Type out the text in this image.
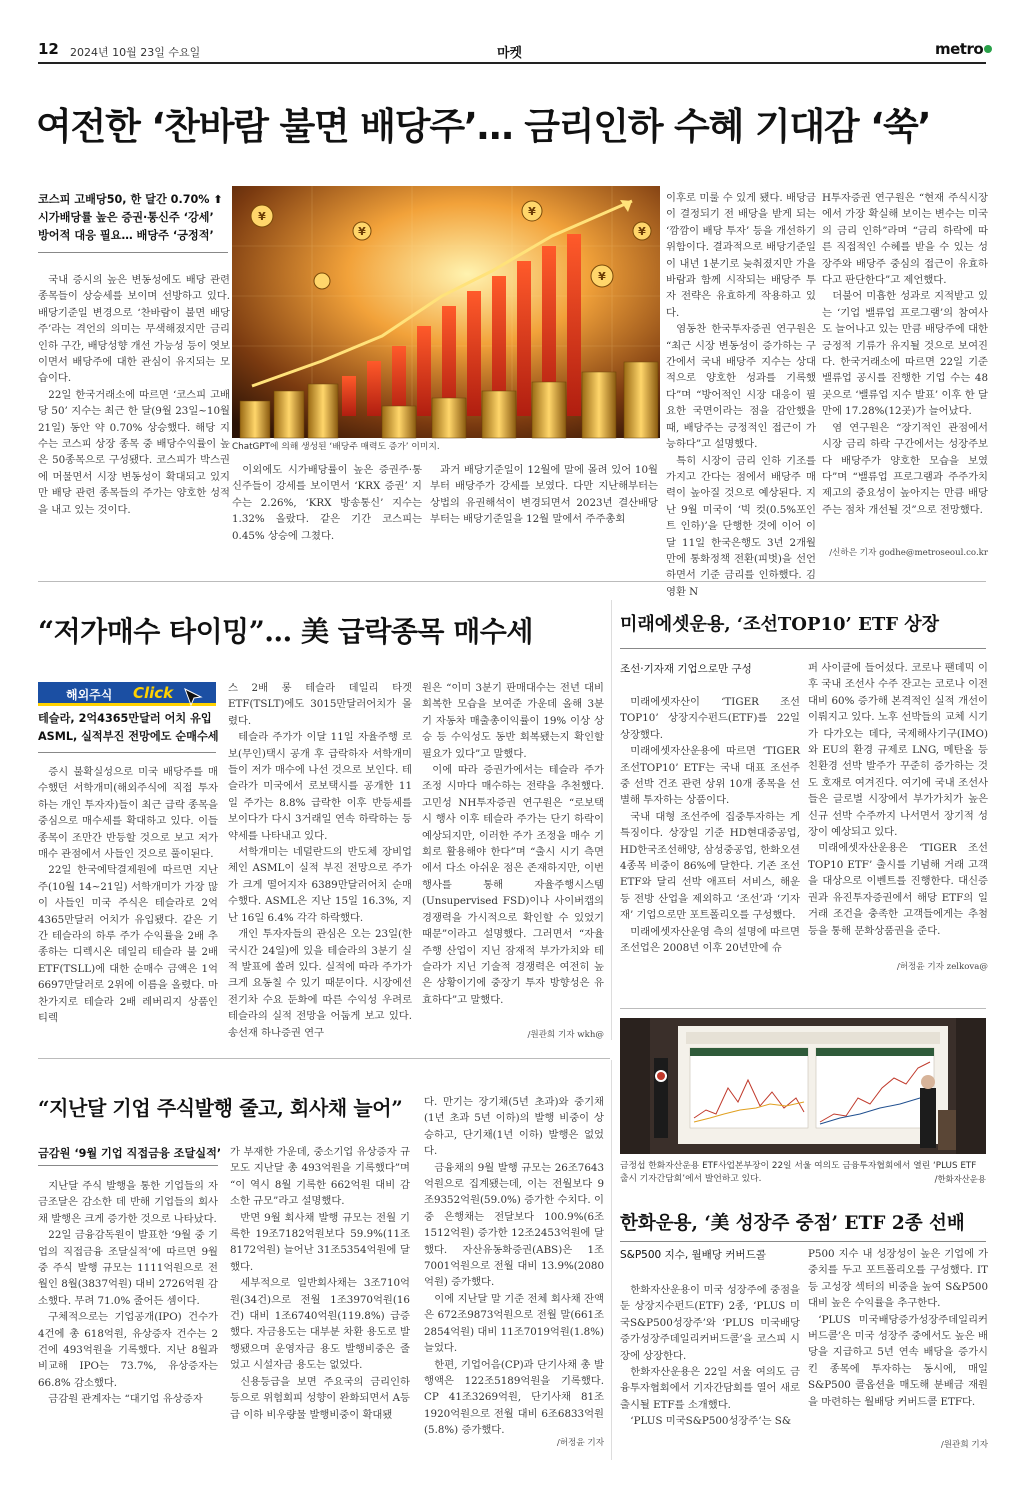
12 2024년 10월 23일 수요일	마켓	metro
여전한 ‘찬바람 불면 배당주’… 금리인하 수혜 기대감 ‘쑥’
코스피 고배당50, 한 달간 0.70% ⬆
시가배당률 높은 증권·통신주 ‘강세’
방어적 대응 필요… 배당주 ‘긍정적’

국내 증시의 높은 변동성에도 배당 관련 종목들이 상승세를 보이며 선방하고 있다. 배당기준일 변경으로 ‘찬바람이 불면 배당주’라는 격언의 의미는 무색해졌지만 금리 인하 구간, 배당성향 개선 가능성 등이 엿보이면서 배당주에 대한 관심이 유지되는 모습이다.

22일 한국거래소에 따르면 ‘코스피 고배당 50’ 지수는 최근 한 달(9월 23일~10월 21일) 동안 약 0.70% 상승했다. 해당 지수는 코스피 상장 종목 중 배당수익률이 높은 50종목으로 구성됐다. 코스피가 박스권에 머물면서 시장 변동성이 확대되고 있지만 배당 관련 종목들의 주가는 양호한 성적을 내고 있는 것이다.

¥
¥
¥
¥
¥
ChatGPT에 의해 생성된 ‘배당주 매력도 증가’ 이미지.

이외에도 시가배당률이 높은 증권주·통신주들이 강세를 보이면서 ‘KRX 증권’ 지수는 2.26%, ‘KRX 방송통신’ 지수는 1.32% 올랐다. 같은 기간 코스피는 0.45% 상승에 그쳤다.

과거 배당기준일이 12월에 말에 몰려 있어 10월부터 배당주가 강세를 보였다. 다만 지난해부터는 상법의 유권해석이 변경되면서 2023년 결산배당부터는 배당기준일을 12월 말에서 주주총회

이후로 미룰 수 있게 됐다. 배당금이 결정되기 전 배당을 받게 되는 ‘깜깜이 배당 투자’ 등을 개선하기 위함이다. 결과적으로 배당기준일이 내년 1분기로 늦춰졌지만 가을 바람과 함께 시작되는 배당주 투자 전략은 유효하게 작용하고 있다.

염동찬 한국투자증권 연구원은 “최근 시장 변동성이 증가하는 구간에서 국내 배당주 지수는 상대적으로 양호한 성과를 기록했다”며 “방어적인 시장 대응이 필요한 국면이라는 점을 감안했을 때, 배당주는 긍정적인 접근이 가능하다”고 설명했다.

특히 시장이 금리 인하 기조를 가지고 간다는 점에서 배당주 매력이 높아질 것으로 예상된다. 지난 9월 미국이 ‘빅 컷(0.5%포인트 인하)’을 단행한 것에 이어 이달 11일 한국은행도 3년 2개월 만에 통화정책 전환(피벗)을 선언하면서 기준 금리를 인하했다. 김영환 N

H투자증권 연구원은 “현재 주식시장에서 가장 확실해 보이는 변수는 미국의 금리 인하”라며 “금리 하락에 따른 직접적인 수혜를 받을 수 있는 성장주와 배당주 중심의 접근이 유효하다고 판단한다”고 제언했다.

더불어 미흡한 성과로 지적받고 있는 ‘기업 밸류업 프로그램’의 참여사도 늘어나고 있는 만큼 배당주에 대한 긍정적 기류가 유지될 것으로 보여진다. 한국거래소에 따르면 22일 기준 밸류업 공시를 진행한 기업 수는 48곳으로 ‘밸류업 지수 발표’ 이후 한 달 만에 17.28%(12곳)가 늘어났다.

염 연구원은 “장기적인 관점에서 시장 금리 하락 구간에서는 성장주보다 배당주가 양호한 모습을 보였다”며 “밸류업 프로그램과 주주가치 제고의 중요성이 높아지는 만큼 배당주는 점차 개선될 것”으로 전망했다.

/신하은 기자 godhe@metroseoul.co.kr
“저가매수 타이밍”… 美 급락종목 매수세
해외주식 Click
테슬라, 2억4365만달러 어치 유입
ASML, 실적부진 전망에도 순매수세

증시 불확실성으로 미국 배당주를 매수했던 서학개미(해외주식에 직접 투자하는 개인 투자자)들이 최근 급락 종목을 중심으로 매수세를 확대하고 있다. 이들 종목이 조만간 반등할 것으로 보고 저가 매수 관점에서 사들인 것으로 풀이된다.

22일 한국예탁결제원에 따르면 지난주(10월 14~21일) 서학개미가 가장 많이 사들인 미국 주식은 테슬라로 2억4365만달러 어치가 유입됐다. 같은 기간 테슬라의 하루 주가 수익률을 2배 추종하는 디렉시온 데일리 테슬라 불 2배 ETF(TSLL)에 대한 순매수 금액은 1억6697만달러로 2위에 이름을 올렸다. 마찬가지로 테슬라 2배 레버리지 상품인 티렉

스 2배 롱 테슬라 데일리 타겟 ETF(TSLT)에도 3015만달러어치가 몰렸다.

테슬라 주가가 이달 11일 자율주행 로보(무인)택시 공개 후 급락하자 서학개미들이 저가 매수에 나선 것으로 보인다. 테슬라가 미국에서 로보택시를 공개한 11일 주가는 8.8% 급락한 이후 반등세를 보이다가 다시 3거래일 연속 하락하는 등 약세를 나타내고 있다.

서학개미는 네덜란드의 반도체 장비업체인 ASML이 실적 부진 전망으로 주가가 크게 떨어지자 6389만달러어치 순매수했다. ASML은 지난 15일 16.3%, 지난 16일 6.4% 각각 하락했다.

개인 투자자들의 관심은 오는 23일(한국시간 24일)에 있을 테슬라의 3분기 실적 발표에 쏠려 있다. 실적에 따라 주가가 크게 요동칠 수 있기 때문이다. 시장에선 전기차 수요 둔화에 따른 수익성 우려로 테슬라의 실적 전망을 어둡게 보고 있다. 송선재 하나증권 연구

원은 “이미 3분기 판매대수는 전년 대비 회복한 모습을 보여준 가운데 올해 3분기 자동차 매출총이익률이 19% 이상 상승 등 수익성도 동반 회복됐는지 확인할 필요가 있다”고 말했다.

이에 따라 증권가에서는 테슬라 주가 조정 시마다 매수하는 전략을 추천했다. 고민성 NH투자증권 연구원은 “로보택시 행사 이후 테슬라 주가는 단기 하락이 예상되지만, 이러한 주가 조정을 매수 기회로 활용해야 한다”며 “출시 시기 측면에서 다소 아쉬운 점은 존재하지만, 이번 행사를 통해 자율주행시스템(Unsupervised FSD)이나 사이버캡의 경쟁력을 가시적으로 확인할 수 있었기 때문”이라고 설명했다. 그러면서 “자율주행 산업이 지닌 잠재적 부가가치와 테슬라가 지닌 기술적 경쟁력은 여전히 높은 상황이기에 중장기 투자 방향성은 유효하다”고 말했다.

/원관희 기자 wkh@
미래에셋운용, ‘조선TOP10’ ETF 상장
조선·기자재 기업으로만 구성

미래에셋자산이 ‘TIGER 조선TOP10’ 상장지수펀드(ETF)를 22일 상장했다.

미래에셋자산운용에 따르면 ‘TIGER 조선TOP10’ ETF는 국내 대표 조선주 중 선박 건조 관련 상위 10개 종목을 선별해 투자하는 상품이다.

국내 대형 조선주에 집중투자하는 게 특징이다. 상장일 기준 HD현대중공업, HD한국조선해양, 삼성중공업, 한화오션 4종목 비중이 86%에 달한다. 기존 조선 ETF와 달리 선박 애프터 서비스, 해운 등 전방 산업을 제외하고 ‘조선’과 ‘기자재’ 기업으로만 포트폴리오를 구성했다.

미래에셋자산운영 측의 설명에 따르면 조선업은 2008년 이후 20년만에 슈

퍼 사이클에 들어섰다. 코로나 팬데믹 이후 국내 조선사 수주 잔고는 코로나 이전 대비 60% 증가해 본격적인 실적 개선이 이뤄지고 있다. 노후 선박들의 교체 시기가 다가오는 데다, 국제해사기구(IMO)와 EU의 환경 규제로 LNG, 메탄올 등 친환경 선박 발주가 꾸준히 증가하는 것도 호재로 여겨진다. 여기에 국내 조선사들은 글로벌 시장에서 부가가치가 높은 신규 선박 수주까지 나서면서 장기적 성장이 예상되고 있다.

미래에셋자산운용은 ‘TIGER 조선TOP10 ETF’ 출시를 기념해 거래 고객을 대상으로 이벤트를 진행한다. 대신증권과 유진투자증권에서 해당 ETF의 일 거래 조건을 충족한 고객들에게는 추첨 등을 통해 문화상품권을 준다.

/허정윤 기자 zelkova@
금정섭 한화자산운용 ETF사업본부장이 22일 서울 여의도 금융투자협회에서 열린 ‘PLUS ETF 출시 기자간담회’에서 발언하고 있다.	/한화자산운용
한화운용, ‘美 성장주 중점’ ETF 2종 선배
S&P500 지수, 월배당 커버드콜

한화자산운용이 미국 성장주에 중점을 둔 상장지수펀드(ETF) 2종, ‘PLUS 미국S&P500성장주’와 ‘PLUS 미국배당증가성장주데일리커버드콜’을 코스피 시장에 상장한다.

한화자산운용은 22일 서울 여의도 금융투자협회에서 기자간담회를 열어 새로 출시될 ETF를 소개했다.

‘PLUS 미국S&P500성장주’는 S&

P500 지수 내 성장성이 높은 기업에 가중치를 두고 포트폴리오를 구성했다. IT 등 고성장 섹터의 비중을 높여 S&P500 대비 높은 수익률을 추구한다.

‘PLUS 미국배당증가성장주데일리커버드콜’은 미국 성장주 중에서도 높은 배당을 지급하고 5년 연속 배당을 증가시킨 종목에 투자하는 동시에, 매일 S&P500 콜옵션을 매도해 분배금 재원을 마련하는 월배당 커버드콜 ETF다.

/원관희 기자
“지난달 기업 주식발행 줄고, 회사채 늘어”
금감원 ‘9월 기업 직접금융 조달실적’

지난달 주식 발행을 통한 기업들의 자금조달은 감소한 데 반해 기업들의 회사채 발행은 크게 증가한 것으로 나타났다.

22일 금융감독원이 발표한 ‘9월 중 기업의 직접금융 조달실적’에 따르면 9월 중 주식 발행 규모는 1111억원으로 전월인 8월(3837억원) 대비 2726억원 감소했다. 무려 71.0% 줄어든 셈이다.

구체적으로는 기업공개(IPO) 건수가 4건에 총 618억원, 유상증자 건수는 2건에 493억원을 기록했다. 지난 8월과 비교해 IPO는 73.7%, 유상증자는 66.8% 감소했다.

금감원 관계자는 “대기업 유상증자

가 부재한 가운데, 중소기업 유상증자 규모도 지난달 총 493억원을 기록했다”며 “이 역시 8월 기록한 662억원 대비 감소한 규모”라고 설명했다.

반면 9월 회사채 발행 규모는 전월 기록한 19조7182억원보다 59.9%(11조8172억원) 늘어난 31조5354억원에 달했다.

세부적으로 일반회사채는 3조710억원(34건)으로 전월 1조3970억원(16건) 대비 1조6740억원(119.8%) 급증했다. 자금용도는 대부분 차환 용도로 발행됐으며 운영자금 용도 발행비중은 줄었고 시설자금 용도는 없었다.

신용등급을 보면 주요국의 금리인하 등으로 위험회피 성향이 완화되면서 A등급 이하 비우량물 발행비중이 확대됐

다. 만기는 장기채(5년 초과)와 중기채(1년 초과 5년 이하)의 발행 비중이 상승하고, 단기채(1년 이하) 발행은 없었다.

금융채의 9월 발행 규모는 26조7643억원으로 집계됐는데, 이는 전월보다 9조9352억원(59.0%) 증가한 수치다. 이중 은행채는 전달보다 100.9%(6조1512억원) 증가한 12조2453억원에 달했다. 자산유동화증권(ABS)은 1조7001억원으로 전월 대비 13.9%(2080억원) 증가했다.

이에 지난달 말 기준 전체 회사채 잔액은 672조9873억원으로 전월 말(661조2854억원) 대비 11조7019억원(1.8%) 늘었다.

한편, 기업어음(CP)과 단기사채 총 발행액은 122조5189억원을 기록했다. CP 41조3269억원, 단기사채 81조1920억원으로 전월 대비 6조6833억원(5.8%) 증가했다.

/허정윤 기자
